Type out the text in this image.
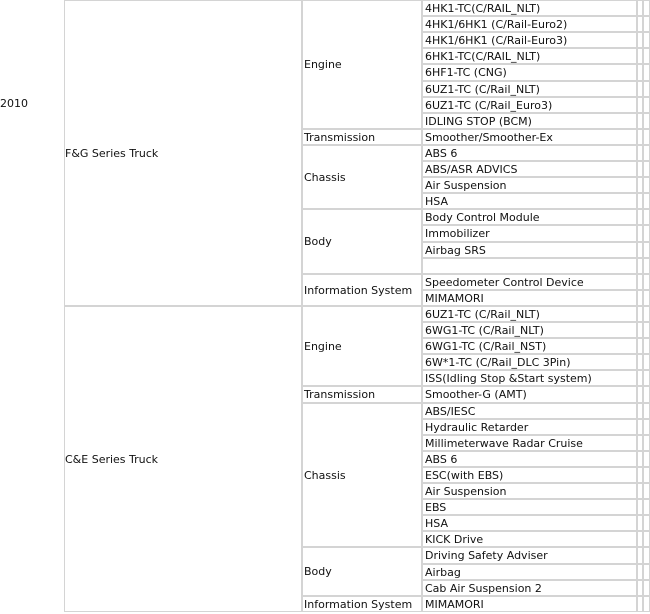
2010
4HK1-TC(C/RAIL_NLT)
4HK1/6HK1 (C/Rail-Euro2)
4HK1/6HK1 (C/Rail-Euro3)
6HK1-TC(C/RAIL_NLT)
6HF1-TC (CNG)
6UZ1-TC (C/Rail_NLT)
6UZ1-TC (C/Rail_Euro3)
IDLING STOP (BCM)
Engine
Smoother/Smoother-Ex
Transmission
ABS 6
ABS/ASR ADVICS
Air Suspension
HSA
Chassis
Body Control Module
Immobilizer
Airbag SRS
Body
Speedometer Control Device
MIMAMORI
Information System
F&G Series Truck
6UZ1-TC (C/Rail_NLT)
6WG1-TC (C/Rail_NLT)
6WG1-TC (C/Rail_NST)
6W*1-TC (C/Rail_DLC 3Pin)
ISS(Idling Stop &Start system)
Engine
Smoother-G (AMT)
Transmission
ABS/IESC
Hydraulic Retarder
Millimeterwave Radar Cruise
ABS 6
ESC(with EBS)
Air Suspension
EBS
HSA
KICK Drive
Chassis
Driving Safety Adviser
Airbag
Cab Air Suspension 2
Body
MIMAMORI
Information System
C&E Series Truck
